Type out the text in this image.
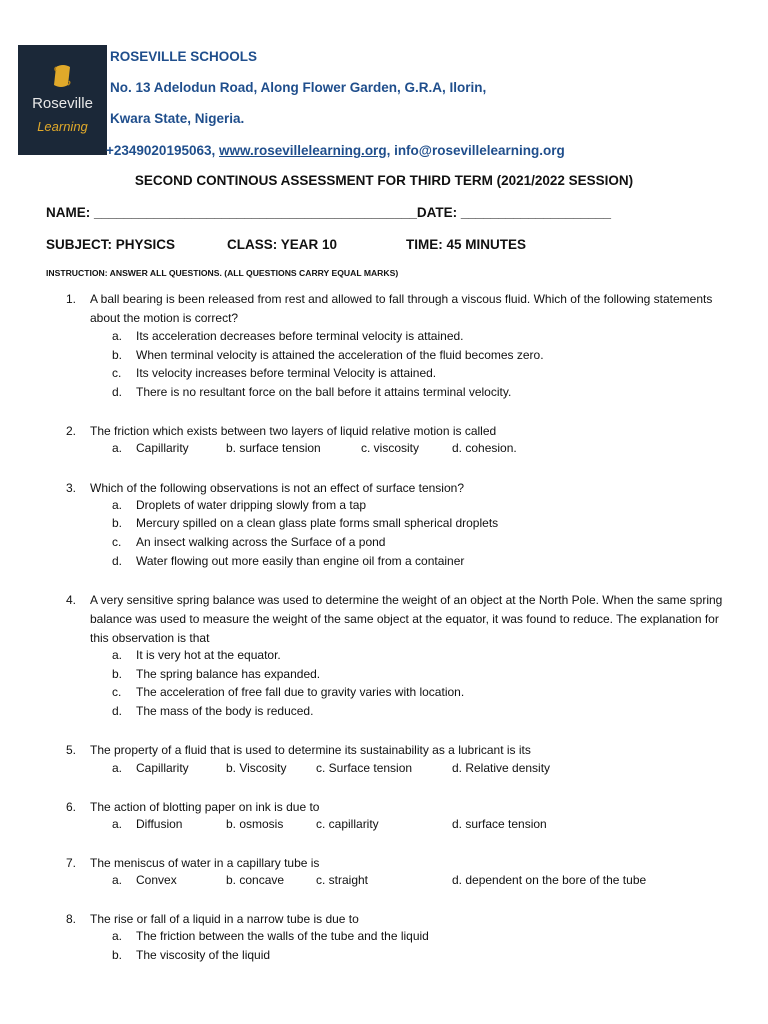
Roseville
Learning
ROSEVILLE SCHOOLS
No. 13 Adelodun Road, Along Flower Garden, G.R.A, Ilorin,
Kwara State, Nigeria.
+2349020195063, www.rosevillelearning.org, info@rosevillelearning.org
SECOND CONTINOUS ASSESSMENT FOR THIRD TERM (2021/2022 SESSION)
NAME: ___________________________________________DATE: ____________________
SUBJECT: PHYSICS	CLASS: YEAR 10	TIME: 45 MINUTES
INSTRUCTION: ANSWER ALL QUESTIONS. (ALL QUESTIONS CARRY EQUAL MARKS)
1. A ball bearing is been released from rest and allowed to fall through a viscous fluid. Which of the following statements about the motion is correct?
a. Its acceleration decreases before terminal velocity is attained.
b. When terminal velocity is attained the acceleration of the fluid becomes zero.
c. Its velocity increases before terminal Velocity is attained.
d. There is no resultant force on the ball before it attains terminal velocity.
2. The friction which exists between two layers of liquid relative motion is called
a. Capillarity	b. surface tension	c. viscosity	d. cohesion.
3. Which of the following observations is not an effect of surface tension?
a. Droplets of water dripping slowly from a tap
b. Mercury spilled on a clean glass plate forms small spherical droplets
c. An insect walking across the Surface of a pond
d. Water flowing out more easily than engine oil from a container
4. A very sensitive spring balance was used to determine the weight of an object at the North Pole. When the same spring balance was used to measure the weight of the same object at the equator, it was found to reduce. The explanation for this observation is that
a. It is very hot at the equator.
b. The spring balance has expanded.
c. The acceleration of free fall due to gravity varies with location.
d. The mass of the body is reduced.
5. The property of a fluid that is used to determine its sustainability as a lubricant is its
a. Capillarity	b. Viscosity c. Surface tension	d. Relative density
6. The action of blotting paper on ink is due to
a. Diffusion	b. osmosis	c. capillarity	d. surface tension
7. The meniscus of water in a capillary tube is
a. Convex	b. concave	c. straight	d. dependent on the bore of the tube
8. The rise or fall of a liquid in a narrow tube is due to
a. The friction between the walls of the tube and the liquid
b. The viscosity of the liquid
